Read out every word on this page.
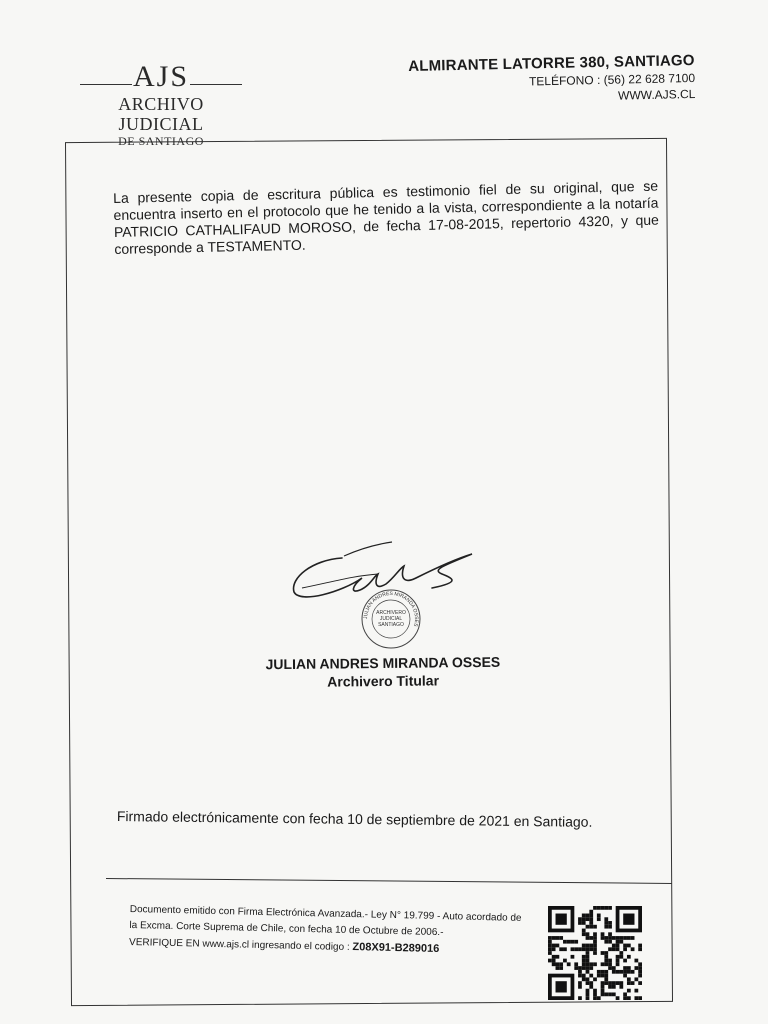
AJS
ARCHIVO JUDICIAL
DE SANTIAGO
ALMIRANTE LATORRE 380, SANTIAGO
TELÉFONO : (56) 22 628 7100
WWW.AJS.CL
La presente copia de escritura pública es testimonio fiel de su original, que se encuentra inserto en el protocolo que he tenido a la vista, correspondiente a la notaría PATRICIO CATHALIFAUD MOROSO, de fecha 17-08-2015, repertorio 4320, y que corresponde a TESTAMENTO.
JULIAN ANDRES MIRANDA OSSES
ARCHIVERO
JUDICIAL
SANTIAGO
JULIAN ANDRES MIRANDA OSSES
Archivero Titular
Firmado electrónicamente con fecha 10 de septiembre de 2021 en Santiago.
Documento emitido con Firma Electrónica Avanzada.- Ley N° 19.799 - Auto acordado de la Excma. Corte Suprema de Chile, con fecha 10 de Octubre de 2006.-
VERIFIQUE EN www.ajs.cl ingresando el codigo : Z08X91-B289016
